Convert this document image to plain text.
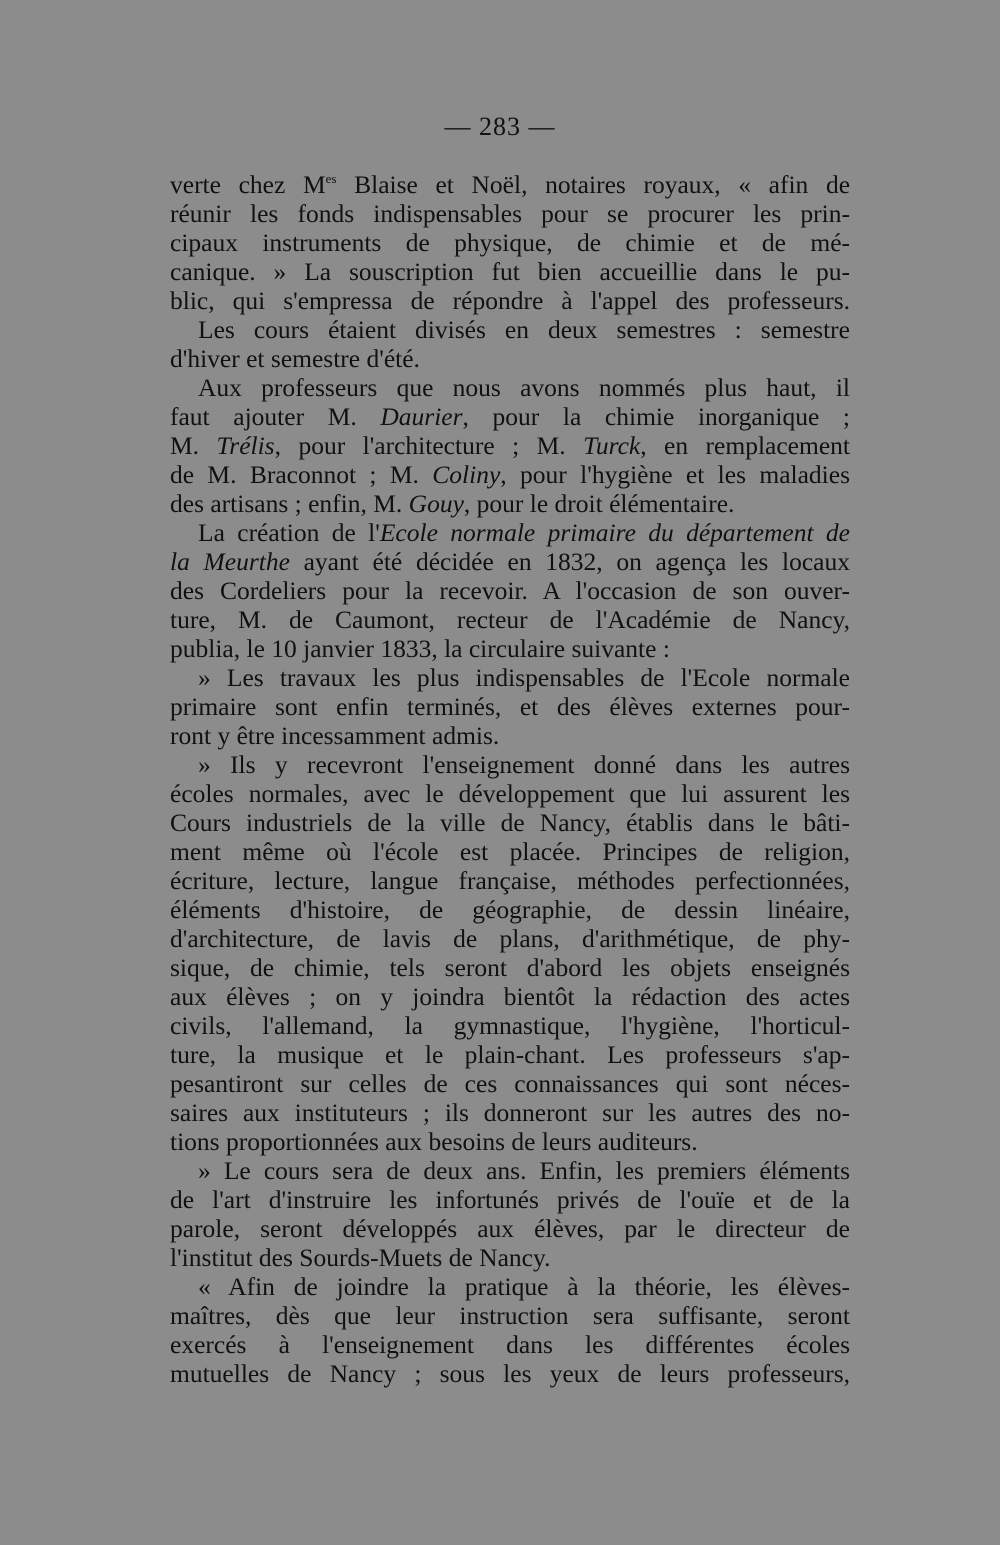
— 283 —
verte chez $M^{es}$ Blaise et Noël, notaires royaux, « afin de
réunir les fonds indispensables pour se procurer les prin-
cipaux instruments de physique, de chimie et de mé-
canique. » La souscription fut bien accueillie dans le pu-
blic, qui s'empressa de répondre à l'appel des professeurs.
Les cours étaient divisés en deux semestres : semestre
d'hiver et semestre d'été.
Aux professeurs que nous avons nommés plus haut, il
faut ajouter M. Daurier, pour la chimie inorganique ;
M. Trélis, pour l'architecture ; M. Turck, en remplacement
de M. Braconnot ; M. Coliny, pour l'hygiène et les maladies
des artisans ; enfin, M. Gouy, pour le droit élémentaire.
La création de l'Ecole normale primaire du département de
la Meurthe ayant été décidée en 1832, on agença les locaux
des Cordeliers pour la recevoir. A l'occasion de son ouver-
ture, M. de Caumont, recteur de l'Académie de Nancy,
publia, le 10 janvier 1833, la circulaire suivante :
» Les travaux les plus indispensables de l'Ecole normale
primaire sont enfin terminés, et des élèves externes pour-
ront y être incessamment admis.
» Ils y recevront l'enseignement donné dans les autres
écoles normales, avec le développement que lui assurent les
Cours industriels de la ville de Nancy, établis dans le bâti-
ment même où l'école est placée. Principes de religion,
écriture, lecture, langue française, méthodes perfectionnées,
éléments d'histoire, de géographie, de dessin linéaire,
d'architecture, de lavis de plans, d'arithmétique, de phy-
sique, de chimie, tels seront d'abord les objets enseignés
aux élèves ; on y joindra bientôt la rédaction des actes
civils, l'allemand, la gymnastique, l'hygiène, l'horticul-
ture, la musique et le plain-chant. Les professeurs s'ap-
pesantiront sur celles de ces connaissances qui sont néces-
saires aux instituteurs ; ils donneront sur les autres des no-
tions proportionnées aux besoins de leurs auditeurs.
» Le cours sera de deux ans. Enfin, les premiers éléments
de l'art d'instruire les infortunés privés de l'ouïe et de la
parole, seront développés aux élèves, par le directeur de
l'institut des Sourds-Muets de Nancy.
« Afin de joindre la pratique à la théorie, les élèves-
maîtres, dès que leur instruction sera suffisante, seront
exercés à l'enseignement dans les différentes écoles
mutuelles de Nancy ; sous les yeux de leurs professeurs,
